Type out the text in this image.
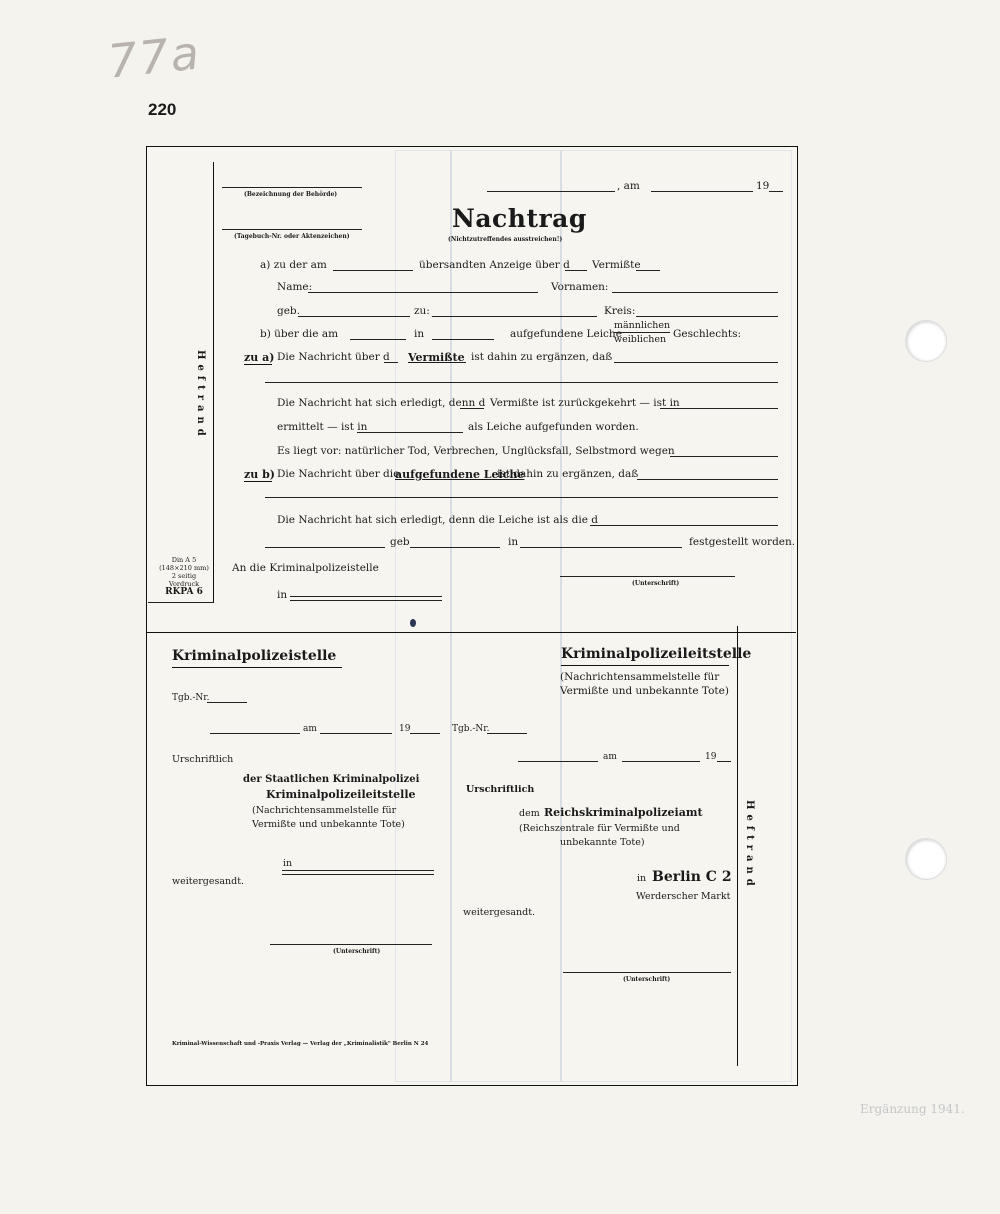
77a
220
Ergänzung 1941.
(Bezeichnung der Behörde)
(Tagebuch-Nr. oder Aktenzeichen)
, am	19
Nachtrag
(Nichtzutreffendes ausstreichen!)
a) zu der am	übersandten Anzeige über d Vermißte
Name:	Vornamen:
geb.	zu:	Kreis:
b) über die am	in	aufgefundene Leiche
männlichen
weiblichen Geschlechts:
zu a) Die Nachricht über d Vermißte ist dahin zu ergänzen, daß
Die Nachricht hat sich erledigt, denn d Vermißte ist zurückgekehrt — ist in
ermittelt — ist in	als Leiche aufgefunden worden.
Es liegt vor: natürlicher Tod, Verbrechen, Unglücksfall, Selbstmord wegen
zu b) Die Nachricht über die
aufgefundene Leiche
ist dahin zu ergänzen, daß
Die Nachricht hat sich erledigt, denn die Leiche ist als die d
geb	in	festgestellt worden.
An die Kriminalpolizeistelle
(Unterschrift)
in
Heftrand
Din A 5
(148×210 mm)
2 seitig
Vordruck
RKPA 6
Kriminalpolizeistelle	Kriminalpolizeileitstelle
(Nachrichtensammelstelle für
Vermißte und unbekannte Tote)
Tgb.-Nr.
am	19	Tgb.-Nr.
Urschriftlich
der Staatlichen Kriminalpolizei
Kriminalpolizeileitstelle
(Nachrichtensammelstelle für
Vermißte und unbekannte Tote)
in
weitergesandt.
(Unterschrift)
am	19
Urschriftlich
dem Reichskriminalpolizeiamt
(Reichszentrale für Vermißte und
unbekannte Tote)
in Berlin C 2
Werderscher Markt
weitergesandt.
(Unterschrift)
Heftrand
Kriminal-Wissenschaft und -Praxis Verlag — Verlag der „Kriminalistik" Berlin N 24
